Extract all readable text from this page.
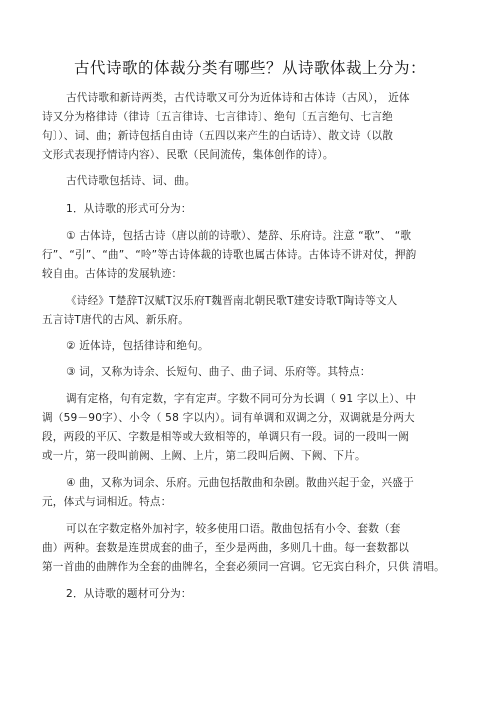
古代诗歌的体裁分类有哪些？从诗歌体裁上分为：
古代诗歌和新诗两类，古代诗歌又可分为近体诗和古体诗（古风）， 近体
诗又分为格律诗（律诗〔五言律诗、七言律诗〕、绝句〔五言绝句、七言绝
句〕）、词、曲；新诗包括自由诗（五四以来产生的白话诗）、散文诗（以散
文形式表现抒情诗内容）、民歌（民间流传，集体创作的诗）。
古代诗歌包括诗、词、曲。
1．从诗歌的形式可分为：
① 古体诗，包括古诗（唐以前的诗歌）、楚辞、乐府诗。注意 “歌”、 “歌
行”、“引”、“曲”、“呤”等古诗体裁的诗歌也属古体诗。古体诗不讲对仗，押韵
较自由。古体诗的发展轨迹：
《诗经》T楚辞T汉赋T汉乐府T魏晋南北朝民歌T建安诗歌T陶诗等文人
五言诗T唐代的古风、新乐府。
② 近体诗，包括律诗和绝句。
③ 词，又称为诗余、长短句、曲子、曲子词、乐府等。其特点：
调有定格，句有定数，字有定声。字数不同可分为长调（ 91 字以上）、中
调（59－90字）、小令（ 58 字以内）。词有单调和双调之分，双调就是分两大
段，两段的平仄、字数是相等或大致相等的，单调只有一段。词的一段叫一阙
或一片，第一段叫前阙、上阙、上片，第二段叫后阙、下阙、下片。
④ 曲，又称为词余、乐府。元曲包括散曲和杂剧。散曲兴起于金，兴盛于
元，体式与词相近。特点：
可以在字数定格外加衬字，较多使用口语。散曲包括有小令、套数（套
曲）两种。套数是连贯成套的曲子，至少是两曲，多则几十曲。每一套数都以
第一首曲的曲牌作为全套的曲牌名，全套必须同一宫调。它无宾白科介，只供 清唱。
2．从诗歌的题材可分为：
